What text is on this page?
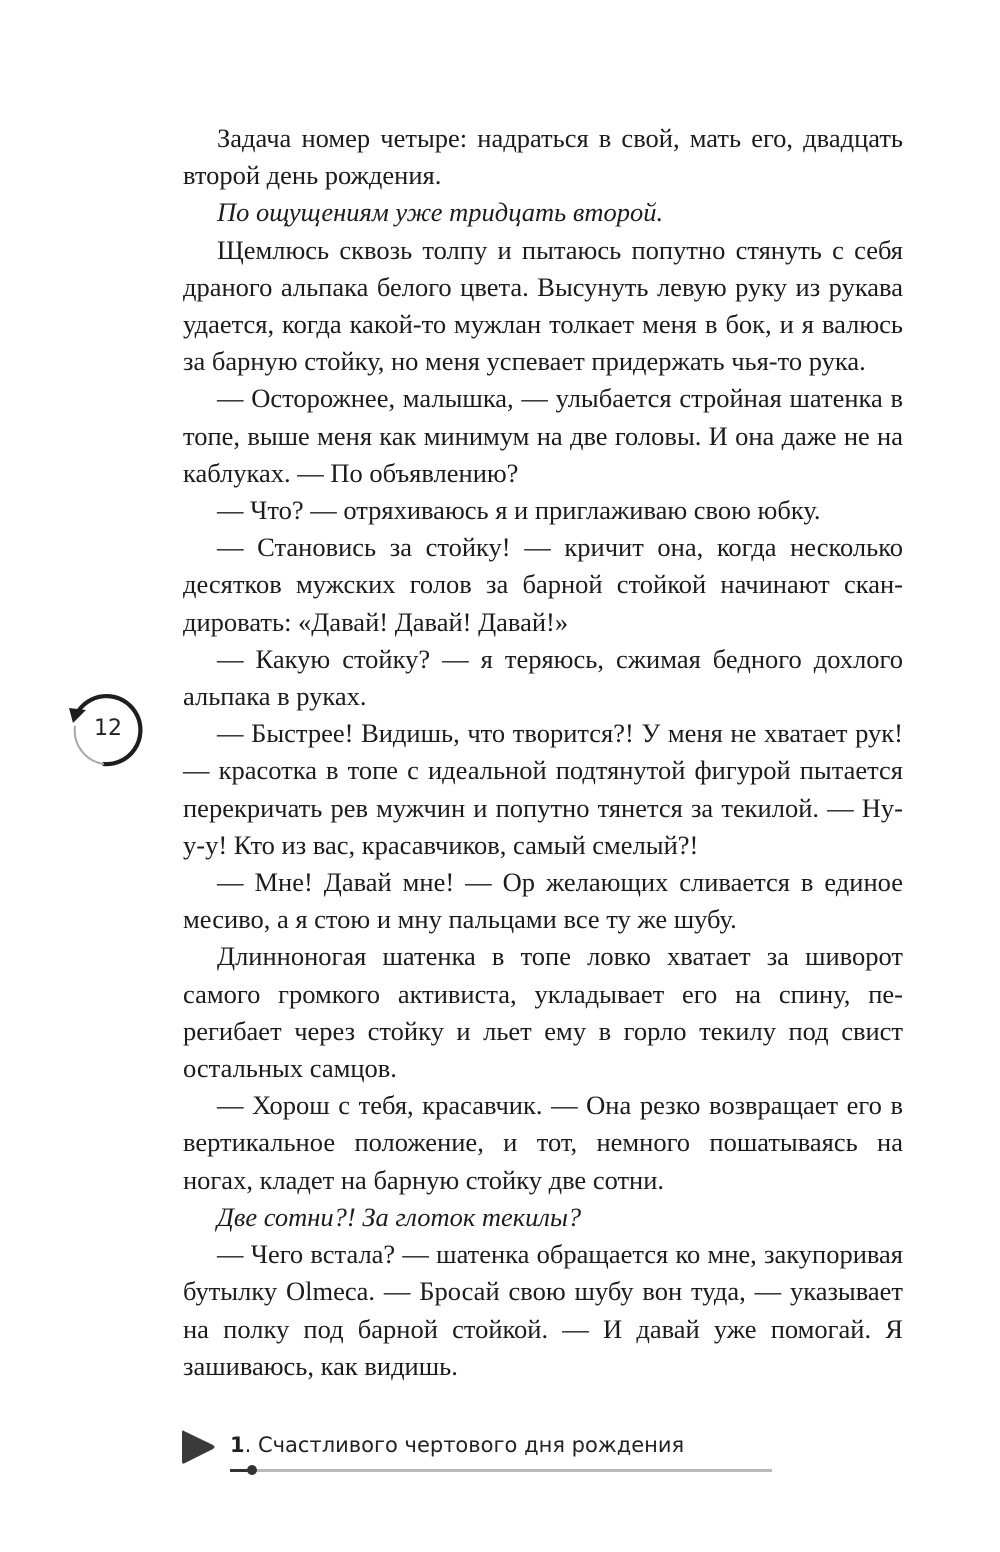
Задача номер четыре: надраться в свой, мать его, двадцать второй день рождения.

По ощущениям уже тридцать второй.

Щемлюсь сквозь толпу и пытаюсь попутно стянуть с себя драного альпака белого цвета. Высунуть левую руку из рукава удается, когда какой-то мужлан толкает меня в бок, и я валюсь за барную стойку, но меня успевает придержать чья-то рука.

— Осторожнее, малышка, — улыбается стройная шатенка в топе, выше меня как минимум на две головы. И она даже не на каблуках. — По объявлению?

— Что? — отряхиваюсь я и приглаживаю свою юбку.

— Становись за стойку! — кричит она, когда несколько десятков мужских голов за барной стойкой начинают скандировать: «Давай! Давай! Давай!»

— Какую стойку? — я теряюсь, сжимая бедного дохлого альпака в руках.

— Быстрее! Видишь, что творится?! У меня не хватает рук! — красотка в топе с идеальной подтянутой фигурой пытается перекричать рев мужчин и попутно тянется за текилой. — Ну-у-у! Кто из вас, красавчиков, самый смелый?!

— Мне! Давай мне! — Ор желающих сливается в единое месиво, а я стою и мну пальцами все ту же шубу.

Длинноногая шатенка в топе ловко хватает за шиворот самого громкого активиста, укладывает его на спину, перегибает через стойку и льет ему в горло текилу под свист остальных самцов.

— Хорош с тебя, красавчик. — Она резко возвращает его в вертикальное положение, и тот, немного пошатываясь на ногах, кладет на барную стойку две сотни.

Две сотни?! За глоток текилы?

— Чего встала? — шатенка обращается ко мне, закупоривая бутылку Olmeca. — Бросай свою шубу вон туда, — указывает на полку под барной стойкой. — И давай уже помогай. Я зашиваюсь, как видишь.

12
1. Счастливого чертового дня рождения
